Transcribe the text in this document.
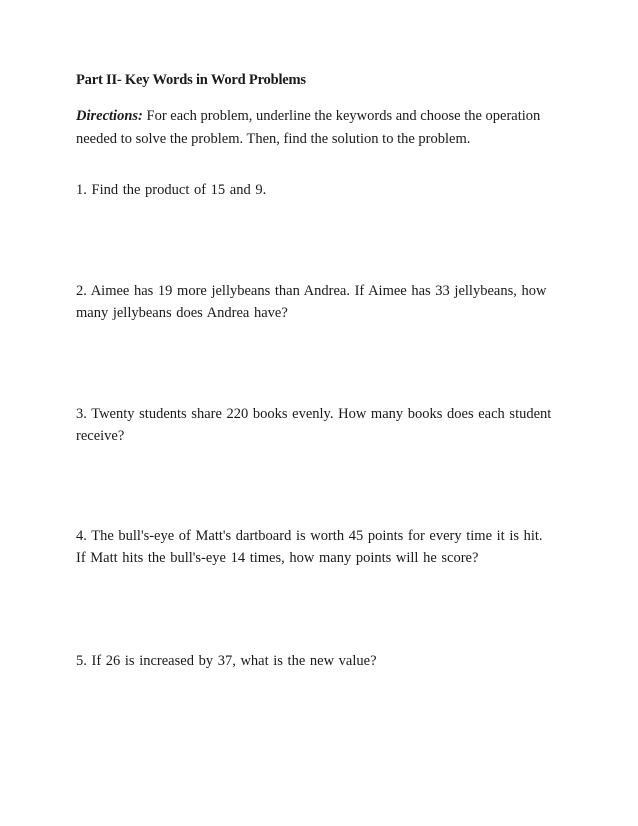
Part II- Key Words in Word Problems
Directions: For each problem, underline the keywords and choose the operation needed to solve the problem. Then, find the solution to the problem.
1. Find the product of 15 and 9.
2. Aimee has 19 more jellybeans than Andrea. If Aimee has 33 jellybeans, how many jellybeans does Andrea have?
3. Twenty students share 220 books evenly. How many books does each student receive?
4. The bull's-eye of Matt's dartboard is worth 45 points for every time it is hit. If Matt hits the bull's-eye 14 times, how many points will he score?
5. If 26 is increased by 37, what is the new value?
